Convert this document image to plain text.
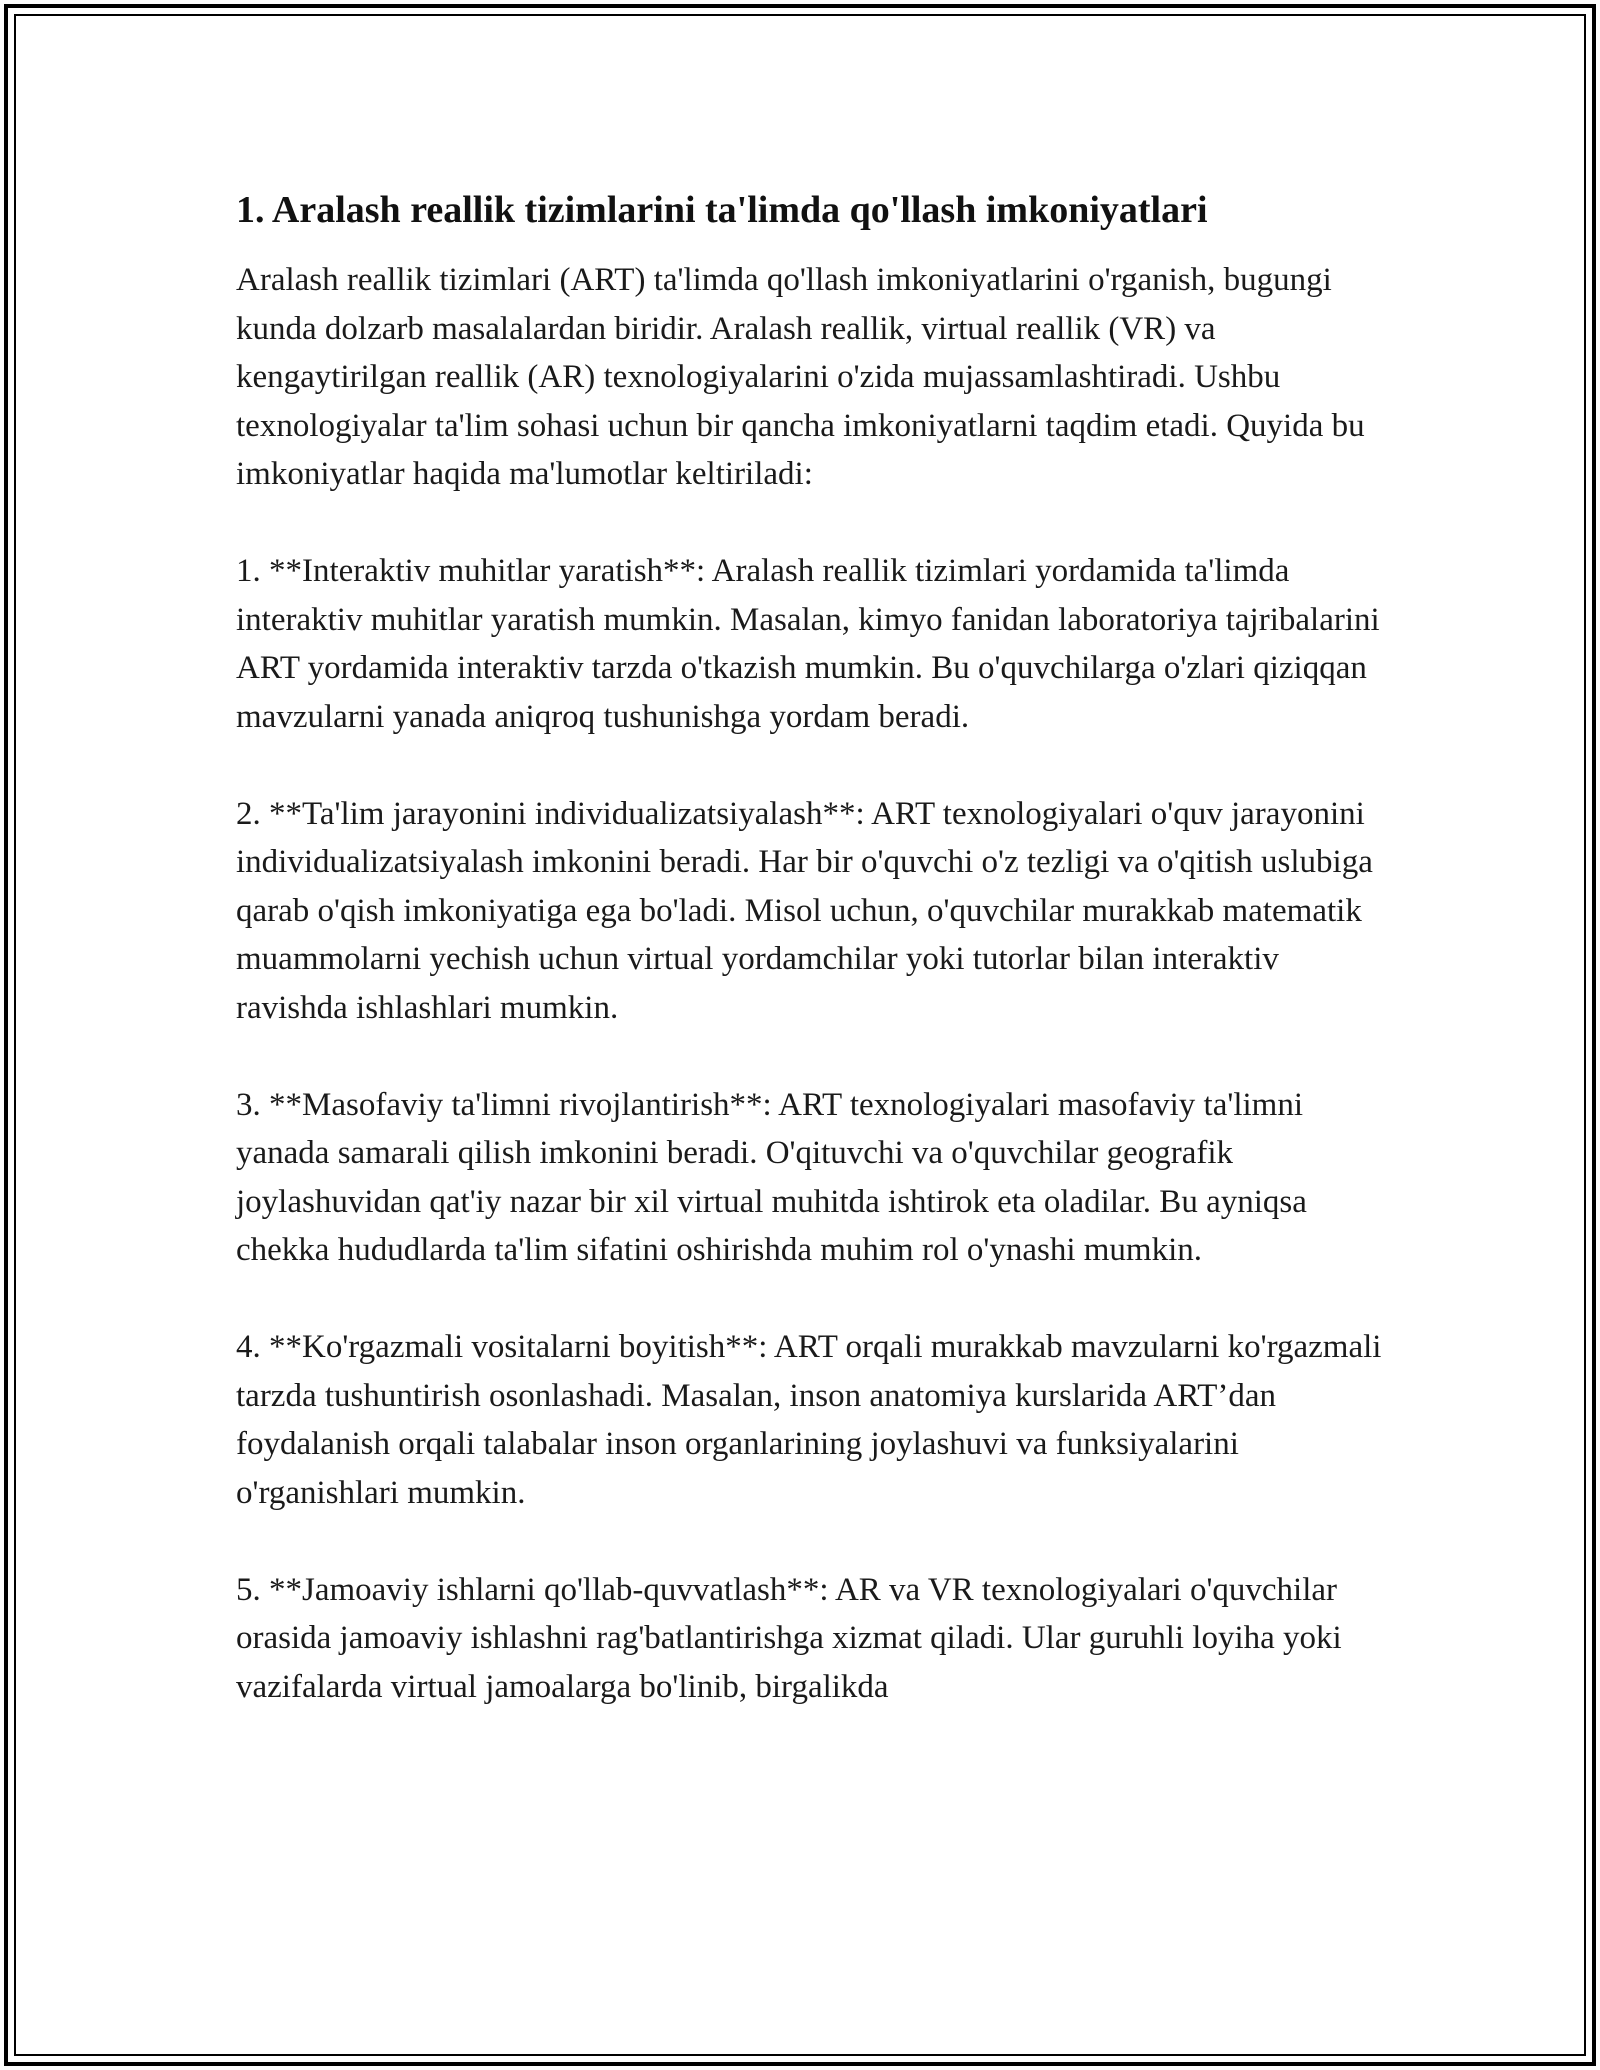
1. Aralash reallik tizimlarini ta'limda qo'llash imkoniyatlari

Aralash reallik tizimlari (ART) ta'limda qo'llash imkoniyatlarini o'rganish, bugungi kunda dolzarb masalalardan biridir. Aralash reallik, virtual reallik (VR) va kengaytirilgan reallik (AR) texnologiyalarini o'zida mujassamlashtiradi. Ushbu texnologiyalar ta'lim sohasi uchun bir qancha imkoniyatlarni taqdim etadi. Quyida bu imkoniyatlar haqida ma'lumotlar keltiriladi:

1. **Interaktiv muhitlar yaratish**: Aralash reallik tizimlari yordamida ta'limda interaktiv muhitlar yaratish mumkin. Masalan, kimyo fanidan laboratoriya tajribalarini ART yordamida interaktiv tarzda o'tkazish mumkin. Bu o'quvchilarga o'zlari qiziqqan mavzularni yanada aniqroq tushunishga yordam beradi.

2. **Ta'lim jarayonini individualizatsiyalash**: ART texnologiyalari o'quv jarayonini individualizatsiyalash imkonini beradi. Har bir o'quvchi o'z tezligi va o'qitish uslubiga qarab o'qish imkoniyatiga ega bo'ladi. Misol uchun, o'quvchilar murakkab matematik muammolarni yechish uchun virtual yordamchilar yoki tutorlar bilan interaktiv ravishda ishlashlari mumkin.

3. **Masofaviy ta'limni rivojlantirish**: ART texnologiyalari masofaviy ta'limni yanada samarali qilish imkonini beradi. O'qituvchi va o'quvchilar geografik joylashuvidan qat'iy nazar bir xil virtual muhitda ishtirok eta oladilar. Bu ayniqsa chekka hududlarda ta'lim sifatini oshirishda muhim rol o'ynashi mumkin.

4. **Ko'rgazmali vositalarni boyitish**: ART orqali murakkab mavzularni ko'rgazmali tarzda tushuntirish osonlashadi. Masalan, inson anatomiya kurslarida ART’dan foydalanish orqali talabalar inson organlarining joylashuvi va funksiyalarini o'rganishlari mumkin.

5. **Jamoaviy ishlarni qo'llab-quvvatlash**: AR va VR texnologiyalari o'quvchilar orasida jamoaviy ishlashni rag'batlantirishga xizmat qiladi. Ular guruhli loyiha yoki vazifalarda virtual jamoalarga bo'linib, birgalikda
